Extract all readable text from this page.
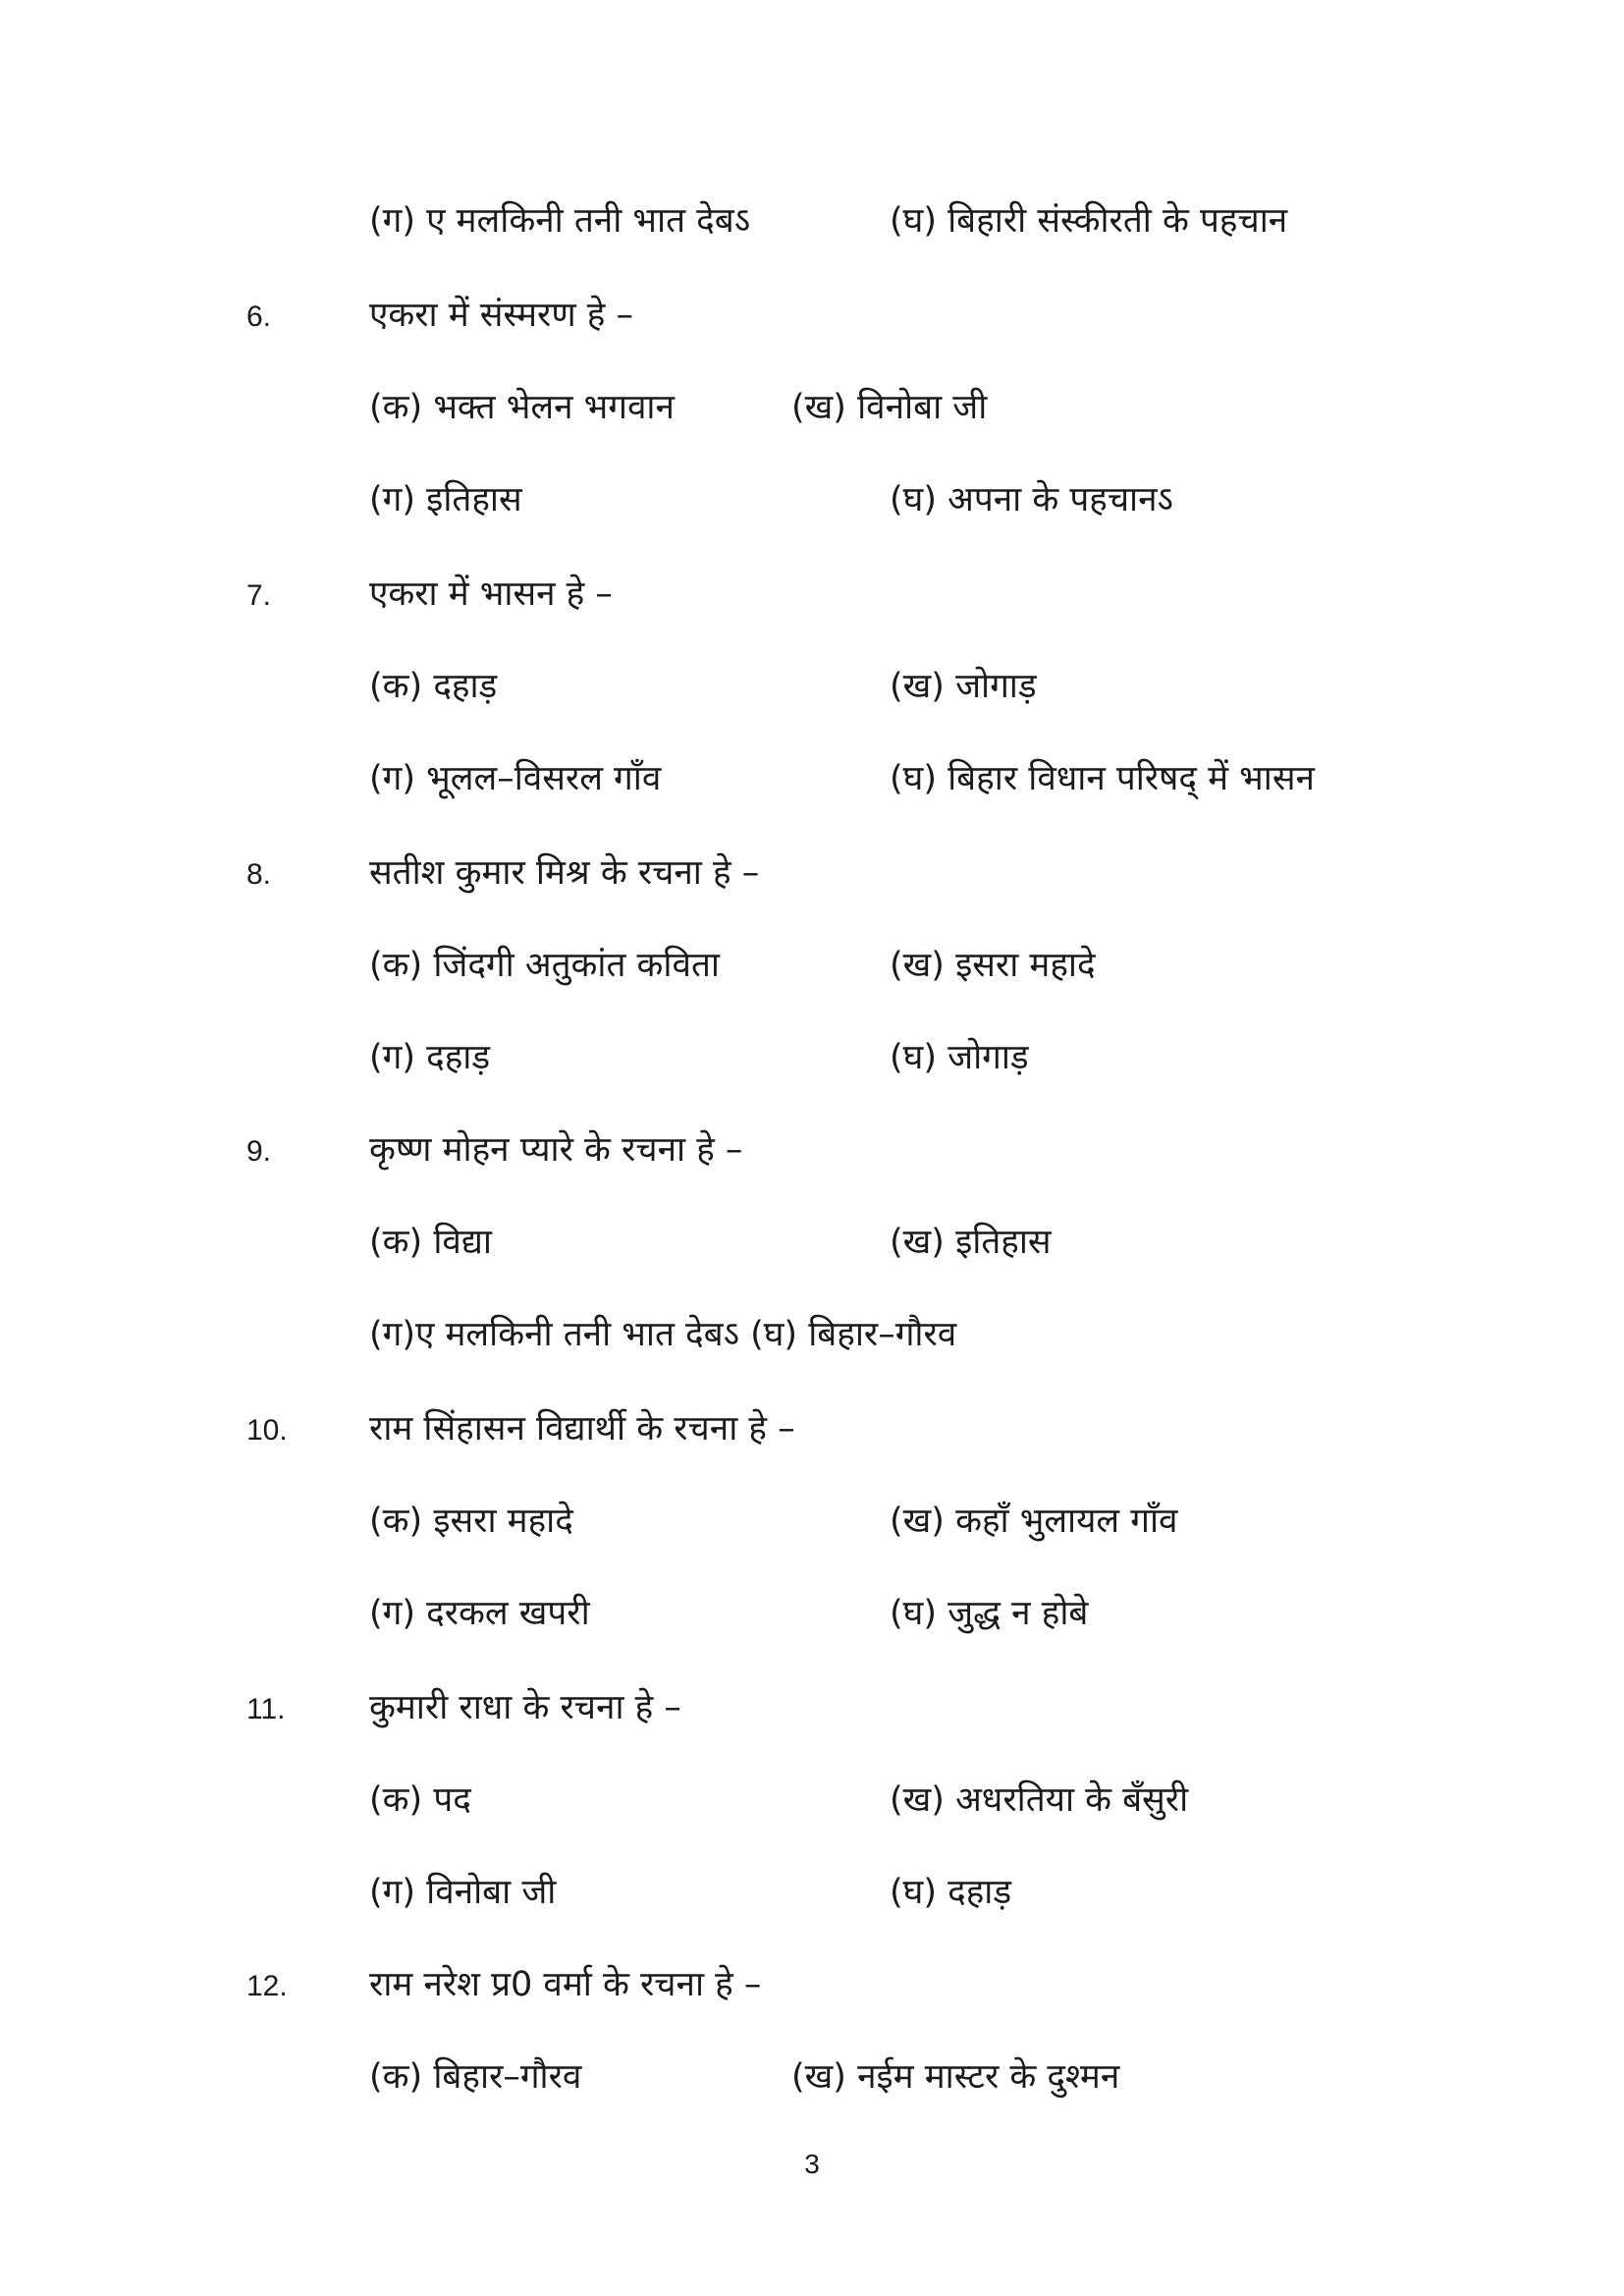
(ग) ए मलकिनी तनी भात देबऽ	(घ) बिहारी संस्कीरती के पहचान
6.	एकरा में संस्मरण हे –
(क) भक्त भेलन भगवान	(ख) विनोबा जी
(ग) इतिहास	(घ) अपना के पहचानऽ
7.	एकरा में भासन हे –
(क) दहाड़	(ख) जोगाड़
(ग) भूलल–विसरल गाँव	(घ) बिहार विधान परिषद् में भासन
8.	सतीश कुमार मिश्र के रचना हे –
(क) जिंदगी अतुकांत कविता	(ख) इसरा महादे
(ग) दहाड़	(घ) जोगाड़
9.	कृष्ण मोहन प्यारे के रचना हे –
(क) विद्या	(ख) इतिहास
(ग)ए मलकिनी तनी भात देबऽ (घ) बिहार–गौरव
10. राम सिंहासन विद्यार्थी के रचना हे –
(क) इसरा महादे	(ख) कहाँ भुलायल गाँव
(ग) दरकल खपरी	(घ) जुद्ध न होबे
11. कुमारी राधा के रचना हे –
(क) पद	(ख) अधरतिया के बँसुरी
(ग) विनोबा जी	(घ) दहाड़
12. राम नरेश प्र0 वर्मा के रचना हे –
(क) बिहार–गौरव	(ख) नईम मास्टर के दुश्मन
3
